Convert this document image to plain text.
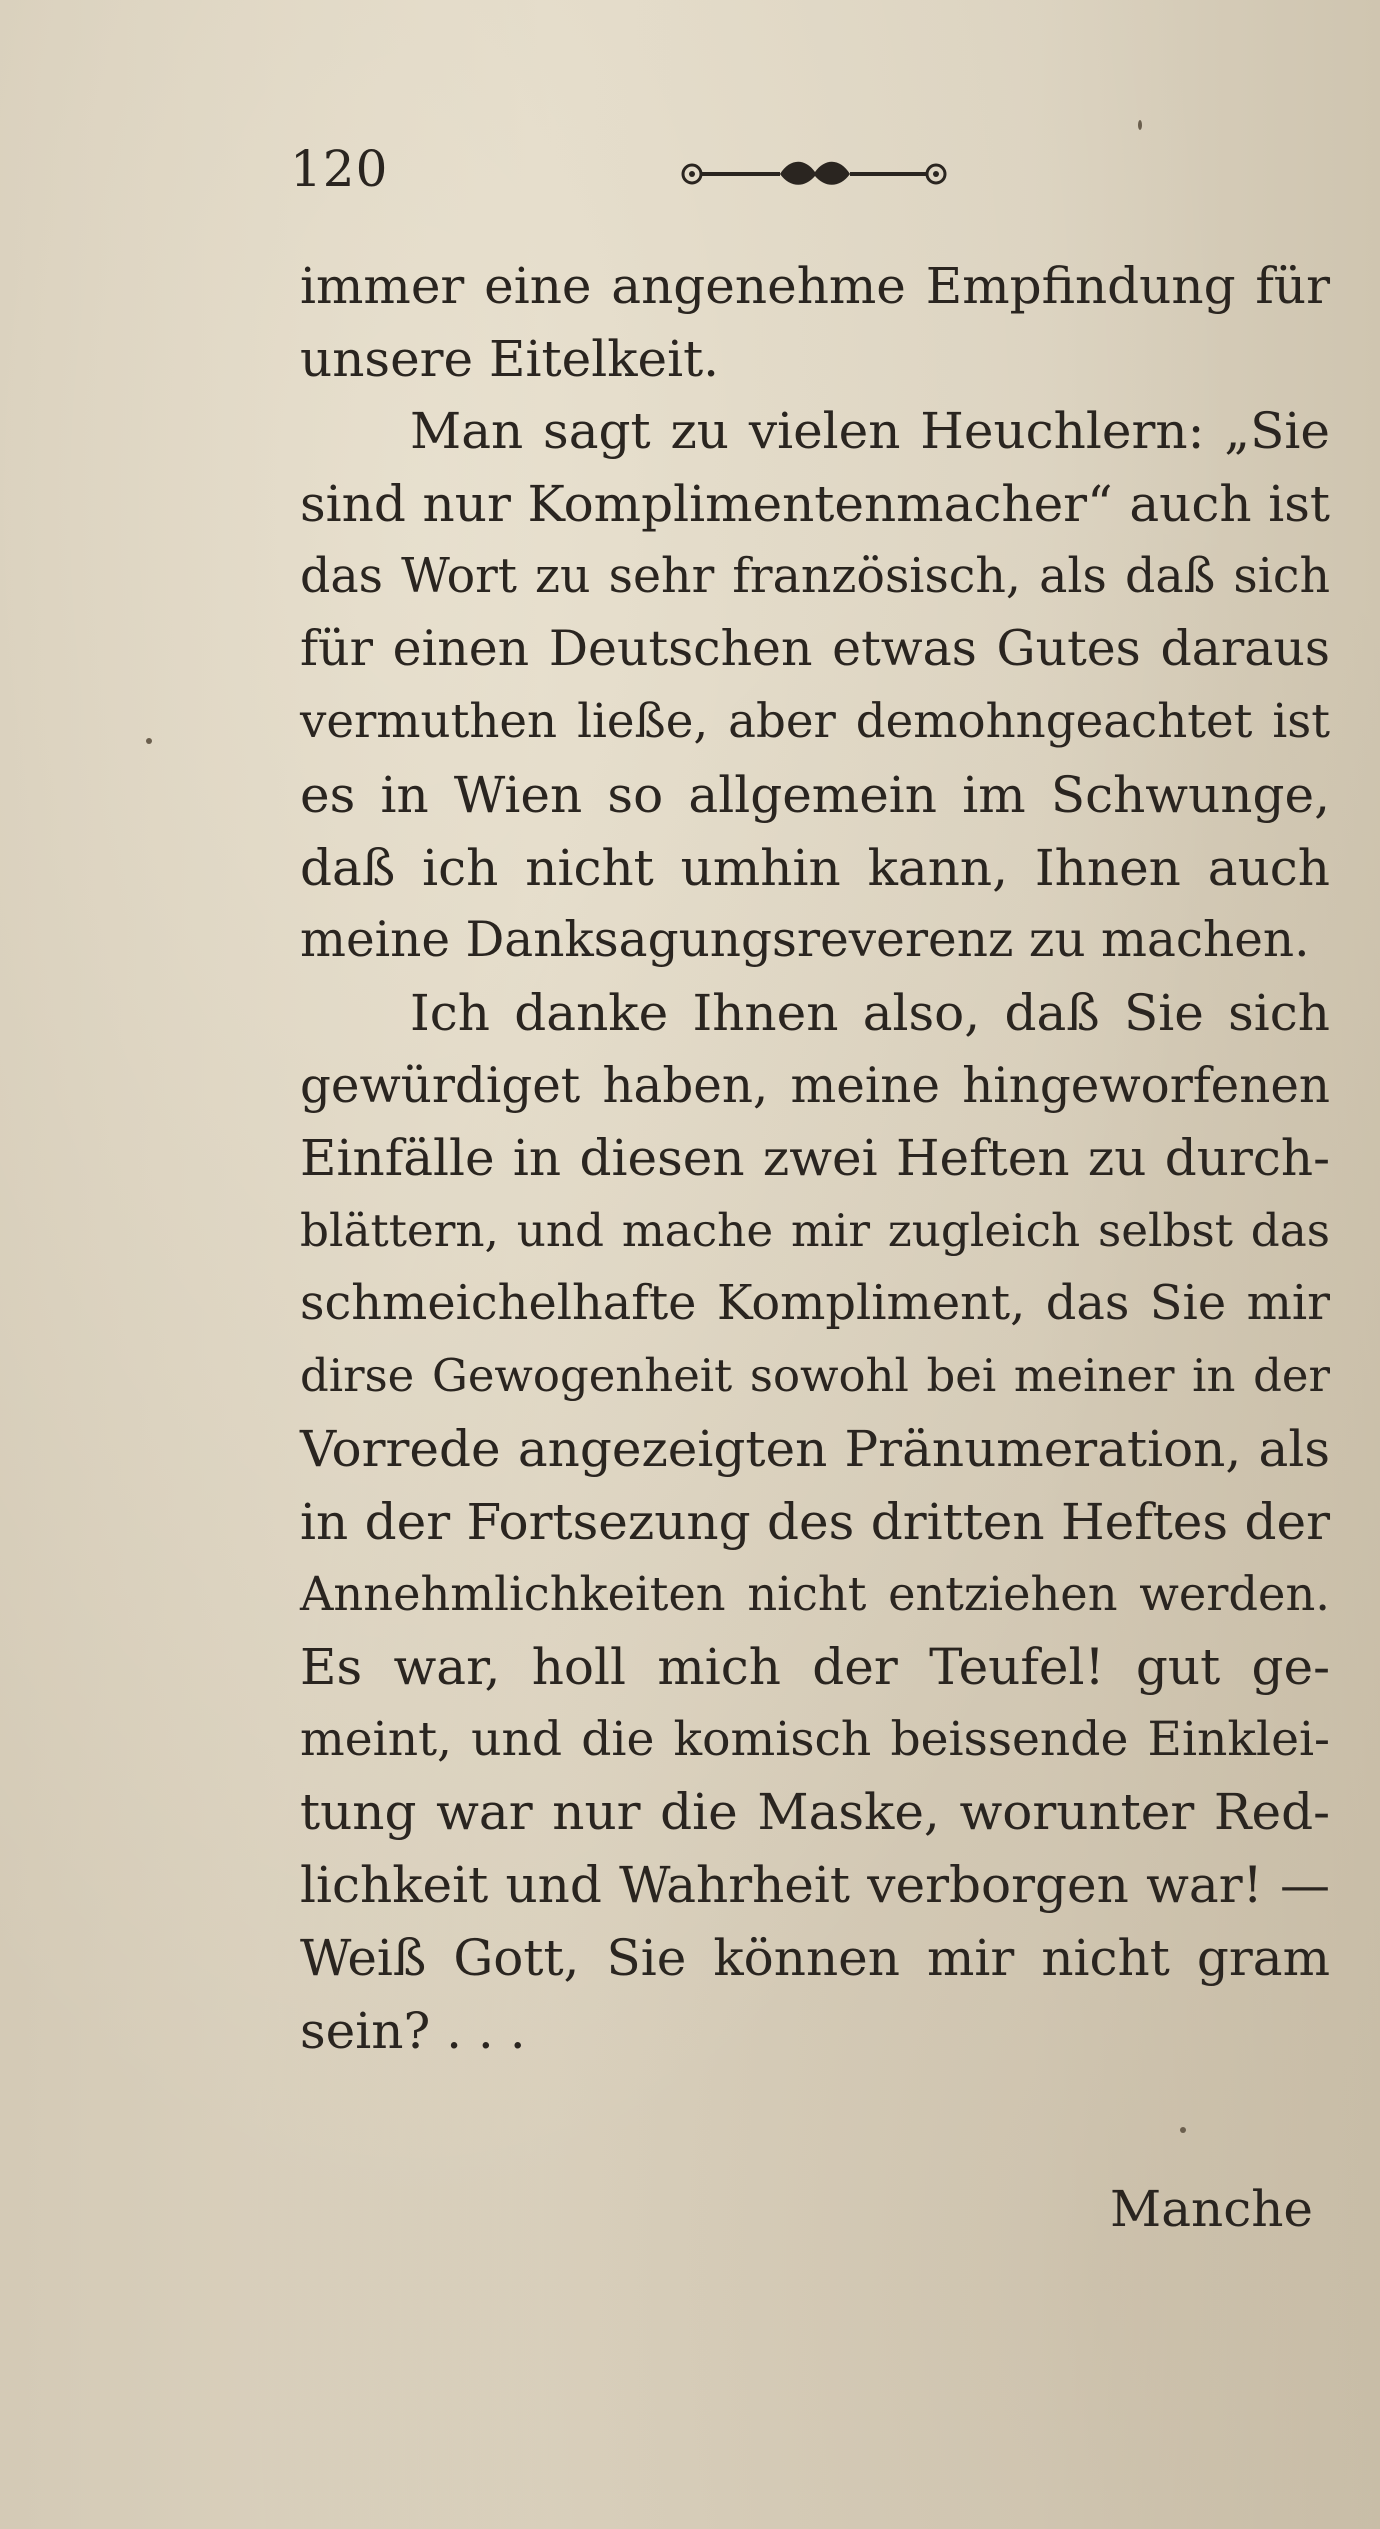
120
immer eine angenehme Empfindung für
unsere Eitelkeit.
Man sagt zu vielen Heuchlern: „Sie
sind nur Komplimentenmacher“ auch ist
das Wort zu sehr französisch, als daß sich
für einen Deutschen etwas Gutes daraus
vermuthen ließe, aber demohngeachtet ist
es in Wien so allgemein im Schwunge,
daß ich nicht umhin kann, Ihnen auch
meine Danksagungsreverenz zu machen.
Ich danke Ihnen also, daß Sie sich
gewürdiget haben, meine hingeworfenen
Einfälle in diesen zwei Heften zu durch-
blättern, und mache mir zugleich selbst das
schmeichelhafte Kompliment, das Sie mir
dirse Gewogenheit sowohl bei meiner in der
Vorrede angezeigten Pränumeration, als
in der Fortsezung des dritten Heftes der
Annehmlichkeiten nicht entziehen werden.
Es war, holl mich der Teufel! gut ge-
meint, und die komisch beissende Einklei-
tung war nur die Maske, worunter Red-
lichkeit und Wahrheit verborgen war! —
Weiß Gott, Sie können mir nicht gram
sein? . . .
Manche
